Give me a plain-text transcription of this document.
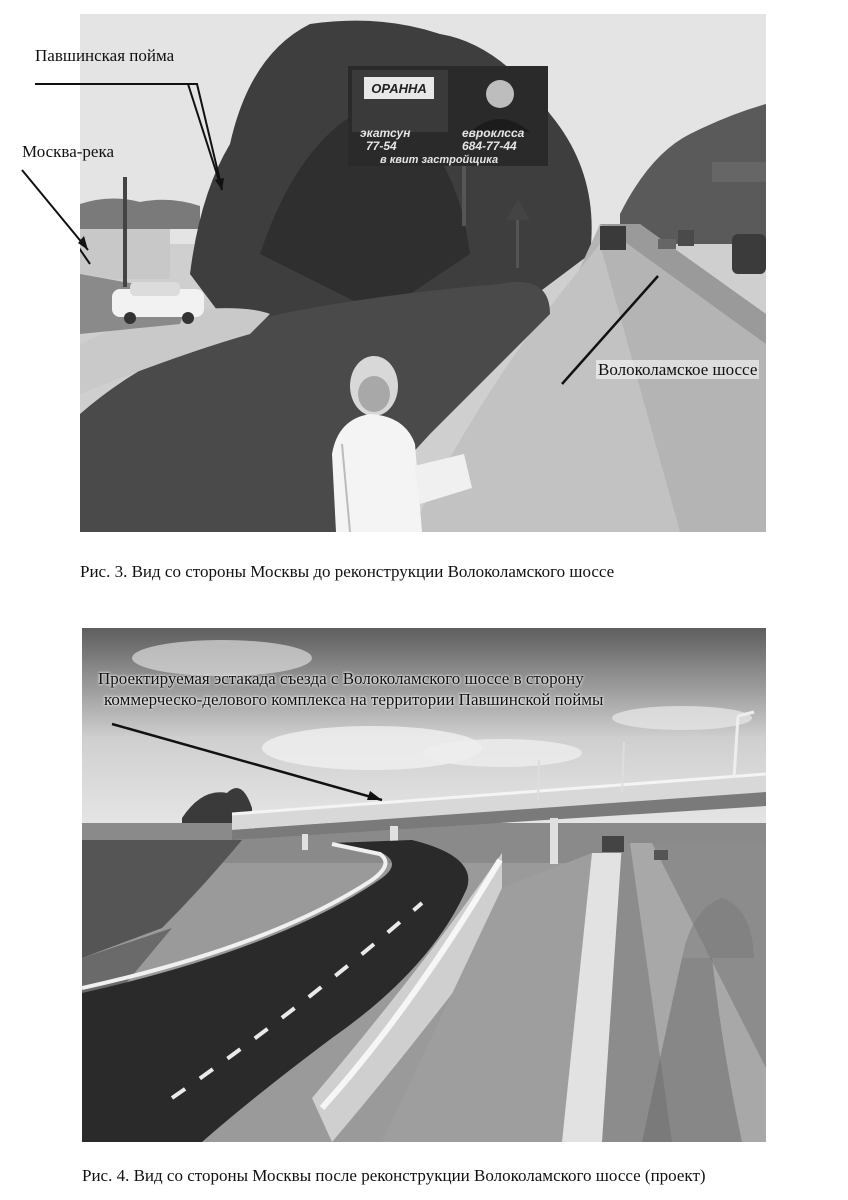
ОРАННА
экатсун	евроклсса
77-54	684-77-44
в квит застройщика
Павшинская пойма
Москва-река
Волоколамское шоссе
Рис. 3. Вид со стороны Москвы до реконструкции Волоколамского шоссе
Проектируемая эстакада съезда с Волоколамского шоссе в сторону
коммерческо-делового комплекса на территории Павшинской поймы
Рис. 4. Вид со стороны Москвы после реконструкции Волоколамского шоссе (проект)
